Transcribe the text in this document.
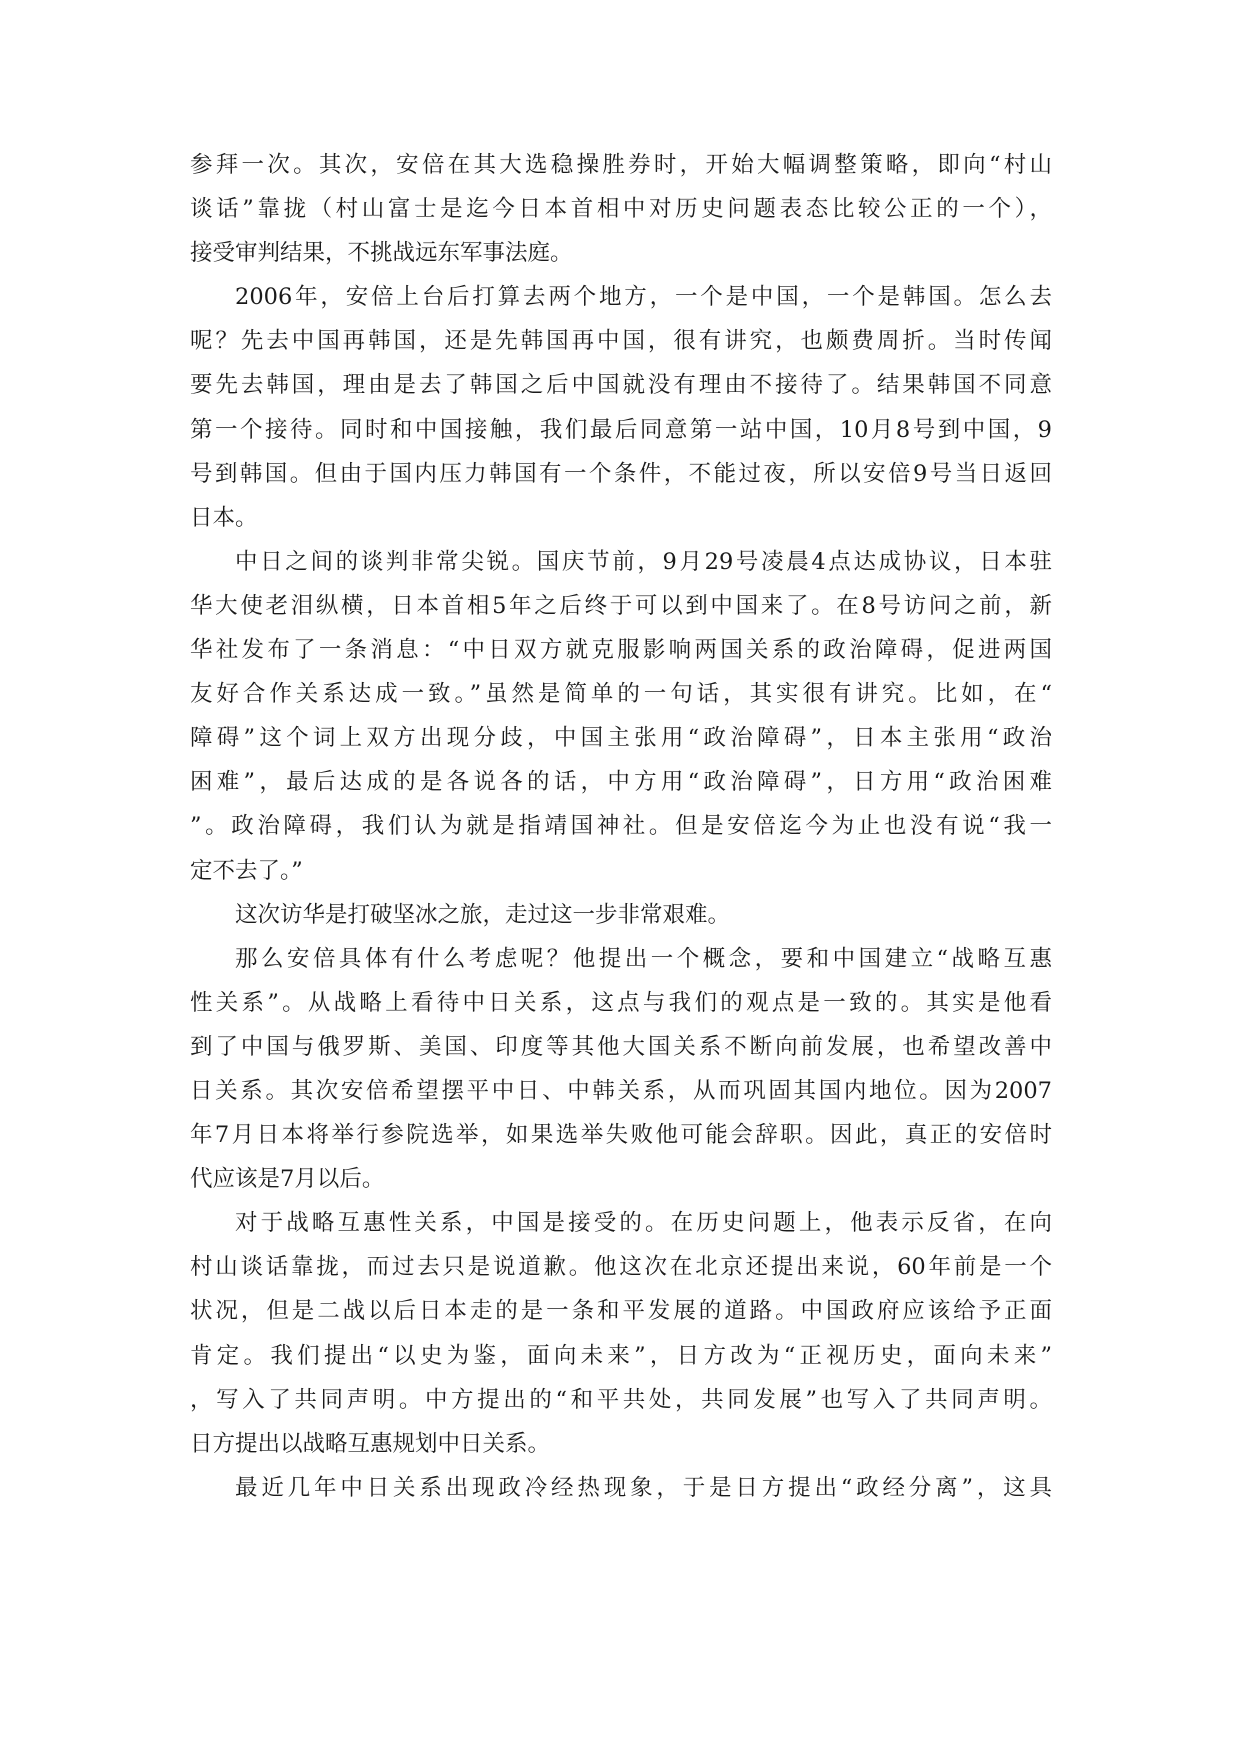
参拜一次。其次，安倍在其大选稳操胜券时，开始大幅调整策略，即向“村山
谈话”靠拢（村山富士是迄今日本首相中对历史问题表态比较公正的一个），
接受审判结果，不挑战远东军事法庭。
2006年，安倍上台后打算去两个地方，一个是中国，一个是韩国。怎么去
呢？先去中国再韩国，还是先韩国再中国，很有讲究，也颇费周折。当时传闻
要先去韩国，理由是去了韩国之后中国就没有理由不接待了。结果韩国不同意
第一个接待。同时和中国接触，我们最后同意第一站中国，10月8号到中国，9
号到韩国。但由于国内压力韩国有一个条件，不能过夜，所以安倍9号当日返回
日本。
中日之间的谈判非常尖锐。国庆节前，9月29号凌晨4点达成协议，日本驻
华大使老泪纵横，日本首相5年之后终于可以到中国来了。在8号访问之前，新
华社发布了一条消息：“中日双方就克服影响两国关系的政治障碍，促进两国
友好合作关系达成一致。”虽然是简单的一句话，其实很有讲究。比如，在“
障碍”这个词上双方出现分歧，中国主张用“政治障碍”，日本主张用“政治
困难”，最后达成的是各说各的话，中方用“政治障碍”，日方用“政治困难
”。政治障碍，我们认为就是指靖国神社。但是安倍迄今为止也没有说“我一
定不去了。”
这次访华是打破坚冰之旅，走过这一步非常艰难。
那么安倍具体有什么考虑呢？他提出一个概念，要和中国建立“战略互惠
性关系”。从战略上看待中日关系，这点与我们的观点是一致的。其实是他看
到了中国与俄罗斯、美国、印度等其他大国关系不断向前发展，也希望改善中
日关系。其次安倍希望摆平中日、中韩关系，从而巩固其国内地位。因为2007
年7月日本将举行参院选举，如果选举失败他可能会辞职。因此，真正的安倍时
代应该是7月以后。
对于战略互惠性关系，中国是接受的。在历史问题上，他表示反省，在向
村山谈话靠拢，而过去只是说道歉。他这次在北京还提出来说，60年前是一个
状况，但是二战以后日本走的是一条和平发展的道路。中国政府应该给予正面
肯定。我们提出“以史为鉴，面向未来”，日方改为“正视历史，面向未来”
，写入了共同声明。中方提出的“和平共处，共同发展”也写入了共同声明。
日方提出以战略互惠规划中日关系。
最近几年中日关系出现政冷经热现象，于是日方提出“政经分离”，这具
